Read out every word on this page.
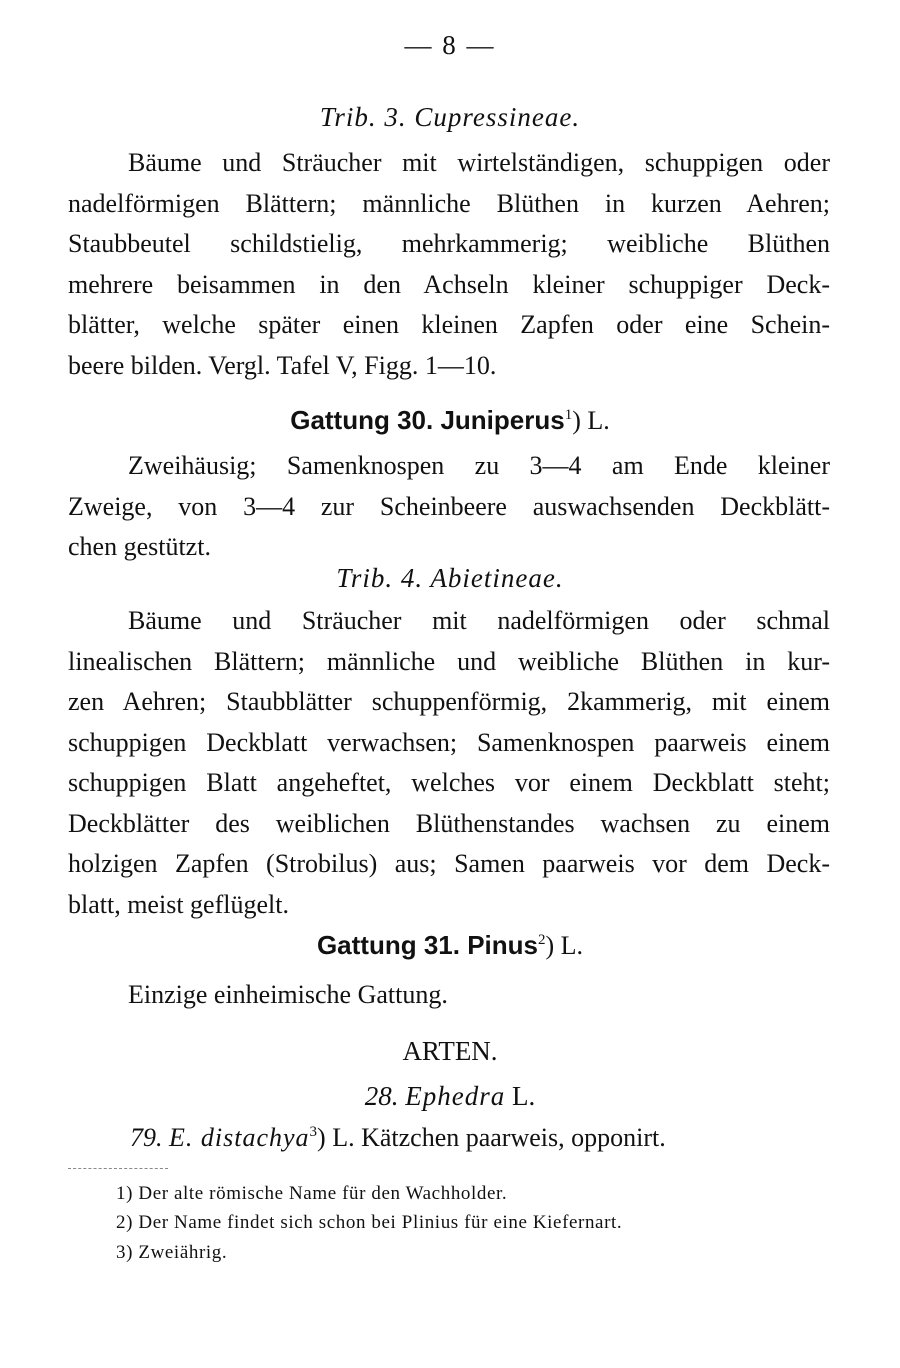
— 8 —
Trib. 3. Cupressineae.
Bäume und Sträucher mit wirtelständigen, schuppigen oder
nadelförmigen Blättern; männliche Blüthen in kurzen Aehren;
Staubbeutel schildstielig, mehrkammerig; weibliche Blüthen
mehrere beisammen in den Achseln kleiner schuppiger Deck-
blätter, welche später einen kleinen Zapfen oder eine Schein-
beere bilden. Vergl. Tafel V, Figg. 1—10.
Gattung 30. Juniperus$^1$) L.
Zweihäusig; Samenknospen zu 3—4 am Ende kleiner
Zweige, von 3—4 zur Scheinbeere auswachsenden Deckblätt-
chen gestützt.
Trib. 4. Abietineae.
Bäume und Sträucher mit nadelförmigen oder schmal
linealischen Blättern; männliche und weibliche Blüthen in kur-
zen Aehren; Staubblätter schuppenförmig, 2kammerig, mit einem
schuppigen Deckblatt verwachsen; Samenknospen paarweis einem
schuppigen Blatt angeheftet, welches vor einem Deckblatt steht;
Deckblätter des weiblichen Blüthenstandes wachsen zu einem
holzigen Zapfen (Strobilus) aus; Samen paarweis vor dem Deck-
blatt, meist geflügelt.
Gattung 31. Pinus$^2$) L.
Einzige einheimische Gattung.
ARTEN.
28. Ephedra L.
79. E. distachya$^3$) L. Kätzchen paarweis, opponirt.
1) Der alte römische Name für den Wachholder.
2) Der Name findet sich schon bei Plinius für eine Kiefernart.
3) Zweiährig.
